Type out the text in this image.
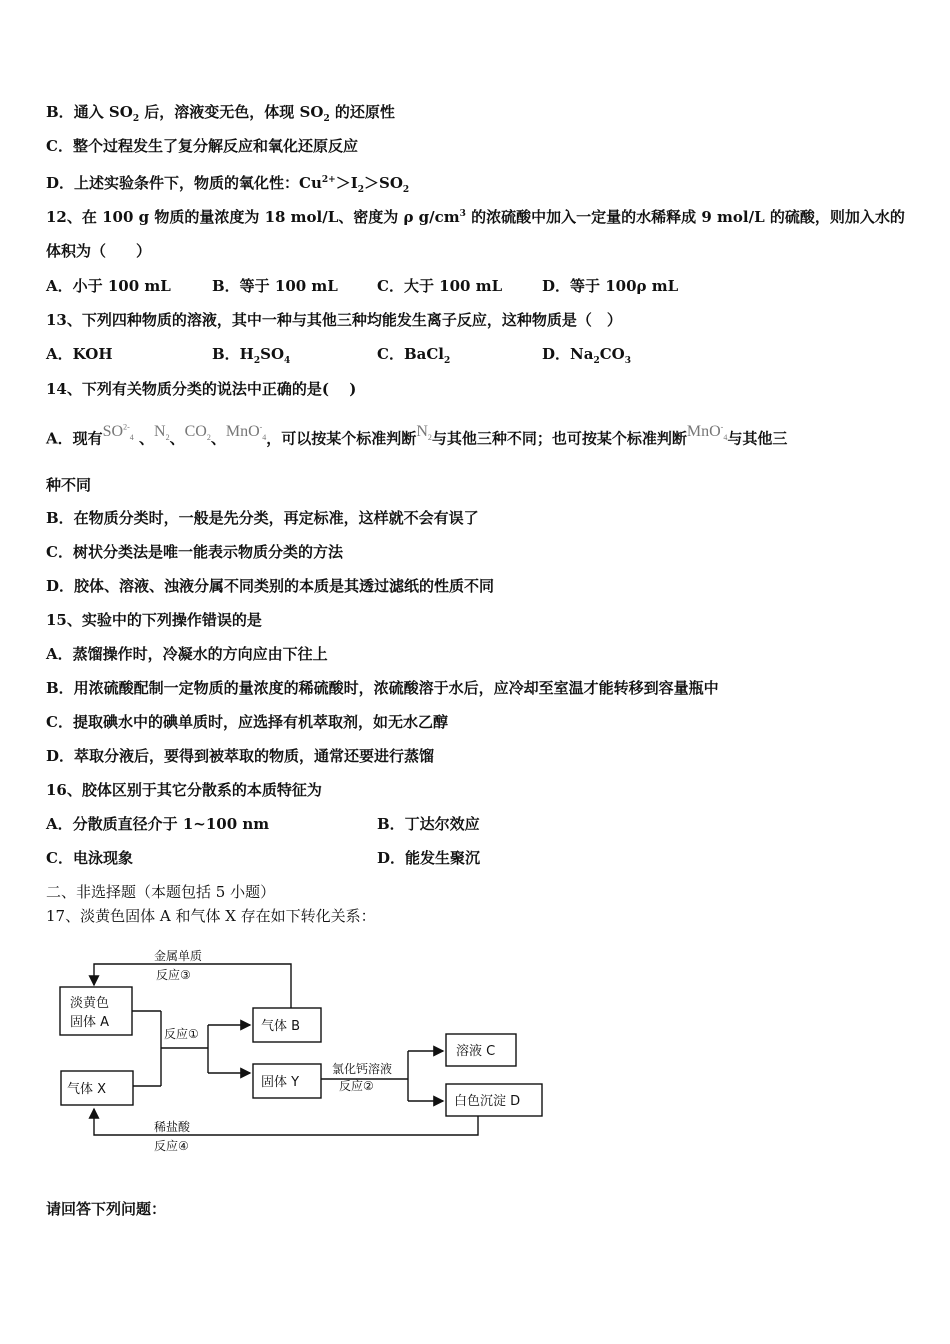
B．通入 $SO_2$ 后，溶液变无色，体现 $SO_2$ 的还原性
C．整个过程发生了复分解反应和氧化还原反应
D．上述实验条件下，物质的氧化性：$Cu^{2+}>I_2>SO_2$
12、在 100 g 物质的量浓度为 18 mol/L、密度为 ρ $g/cm^3$ 的浓硫酸中加入一定量的水稀释成 9 mol/L 的硫酸，则加入水的
体积为（　　）
A．小于 100 mL	B．等于 100 mL	C．大于 100 mL	D．等于 100ρ mL
13、下列四种物质的溶液，其中一种与其他三种均能发生离子反应，这种物质是（　）
A．KOH	B．$H_2SO_4$	C．BaCl$_2$	D．$Na_2CO_3$
14、下列有关物质分类的说法中正确的是(　 )
A．现有$SO^{2-}_4$ 、$N_2$、$CO_2$、MnO-$_4$，可以按某个标准判断$N_2$与其他三种不同；也可按某个标准判断MnO-$_4$与其他三
种不同
B．在物质分类时，一般是先分类，再定标准，这样就不会有误了
C．树状分类法是唯一能表示物质分类的方法
D．胶体、溶液、浊液分属不同类别的本质是其透过滤纸的性质不同
15、实验中的下列操作错误的是
A．蒸馏操作时，冷凝水的方向应由下往上
B．用浓硫酸配制一定物质的量浓度的稀硫酸时，浓硫酸溶于水后，应冷却至室温才能转移到容量瓶中
C．提取碘水中的碘单质时，应选择有机萃取剂，如无水乙醇
D．萃取分液后，要得到被萃取的物质，通常还要进行蒸馏
16、胶体区别于其它分散系的本质特征为
A．分散质直径介于 1~100 nm	B．丁达尔效应
C．电泳现象	D．能发生聚沉
二、非选择题（本题包括 5 小题）
17、淡黄色固体 A 和气体 X 存在如下转化关系：
淡黄色
固体 A
气体 X
气体 B
固体 Y
溶液 C
白色沉淀 D
金属单质
反应③
反应①
氯化钙溶液
反应②
稀盐酸
反应④
请回答下列问题：
